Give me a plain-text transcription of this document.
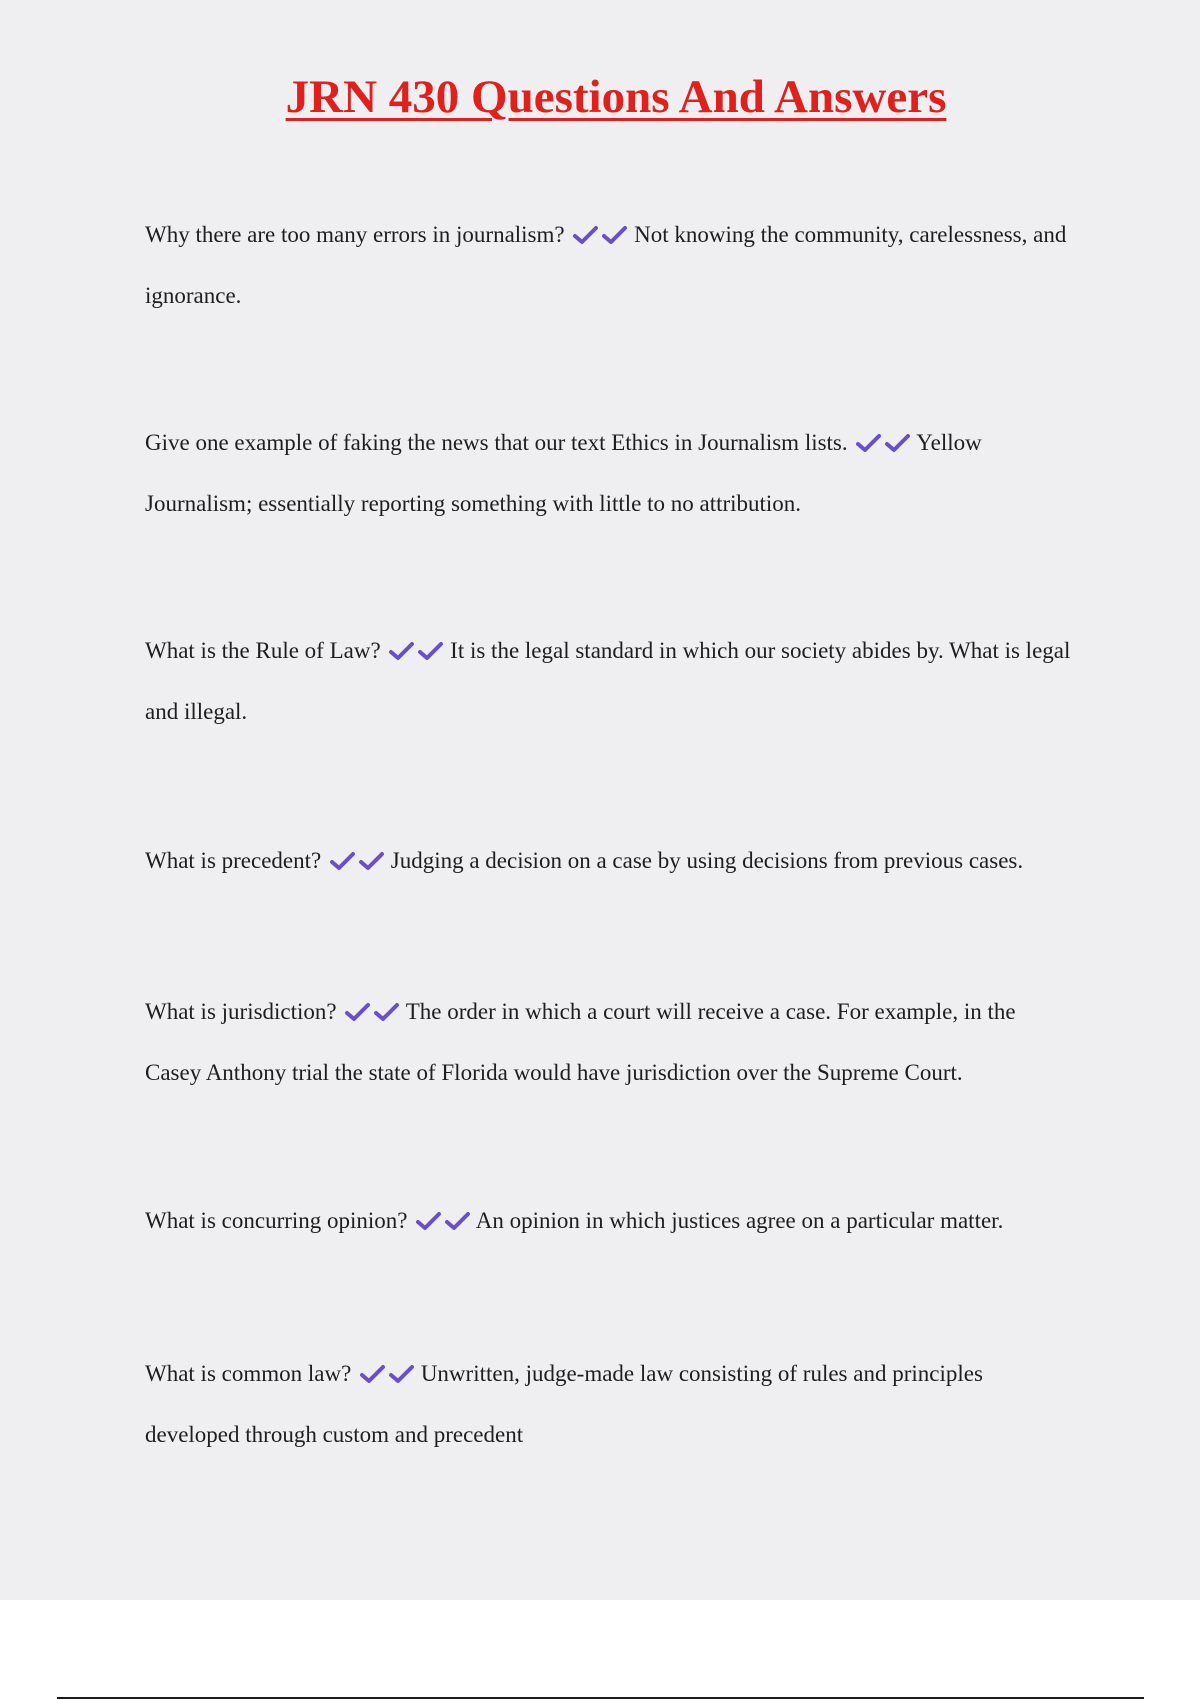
JRN 430 Questions And Answers

Why there are too many errors in journalism?	Not knowing the community, carelessness, and ignorance.

Give one example of faking the news that our text Ethics in Journalism lists.	Yellow Journalism; essentially reporting something with little to no attribution.

What is the Rule of Law?	It is the legal standard in which our society abides by. What is legal and illegal.

What is precedent?	Judging a decision on a case by using decisions from previous cases.

What is jurisdiction?	The order in which a court will receive a case. For example, in the Casey Anthony trial the state of Florida would have jurisdiction over the Supreme Court.

What is concurring opinion?	An opinion in which justices agree on a particular matter.

What is common law?	Unwritten, judge-made law consisting of rules and principles developed through custom and precedent
